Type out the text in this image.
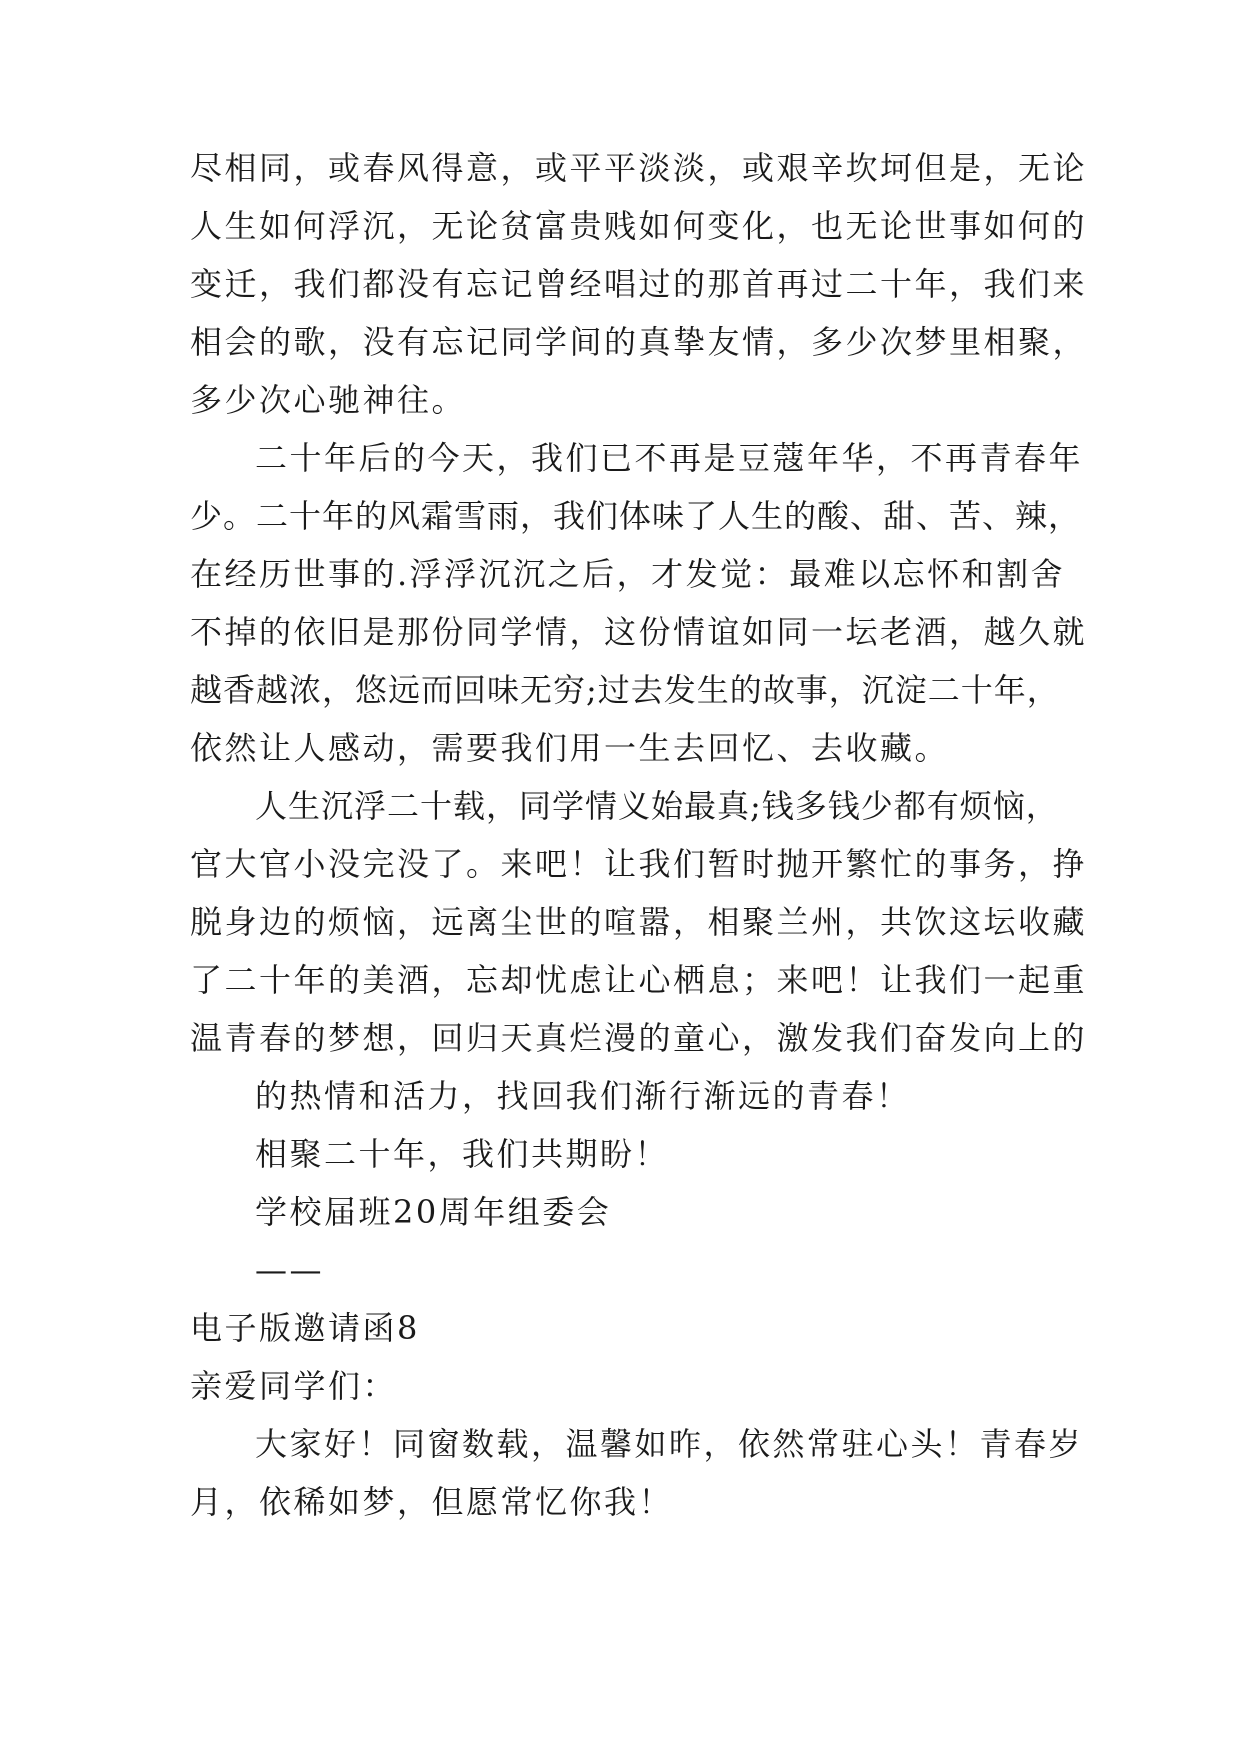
尽相同，或春风得意，或平平淡淡，或艰辛坎坷但是，无论
人生如何浮沉，无论贫富贵贱如何变化，也无论世事如何的
变迁，我们都没有忘记曾经唱过的那首再过二十年，我们来
相会的歌，没有忘记同学间的真挚友情，多少次梦里相聚，
多少次心驰神往。
二十年后的今天，我们已不再是豆蔻年华，不再青春年
少。二十年的风霜雪雨，我们体味了人生的酸、甜、苦、辣，
在经历世事的.浮浮沉沉之后，才发觉：最难以忘怀和割舍
不掉的依旧是那份同学情，这份情谊如同一坛老酒，越久就
越香越浓，悠远而回味无穷;过去发生的故事，沉淀二十年，
依然让人感动，需要我们用一生去回忆、去收藏。
人生沉浮二十载，同学情义始最真;钱多钱少都有烦恼，
官大官小没完没了。来吧！让我们暂时抛开繁忙的事务，挣
脱身边的烦恼，远离尘世的喧嚣，相聚兰州，共饮这坛收藏
了二十年的美酒，忘却忧虑让心栖息；来吧！让我们一起重
温青春的梦想，回归天真烂漫的童心，激发我们奋发向上的
的热情和活力，找回我们渐行渐远的青春！
相聚二十年，我们共期盼！
学校届班20周年组委会
——
电子版邀请函8
亲爱同学们：
大家好！同窗数载，温馨如昨，依然常驻心头！青春岁
月，依稀如梦，但愿常忆你我！
